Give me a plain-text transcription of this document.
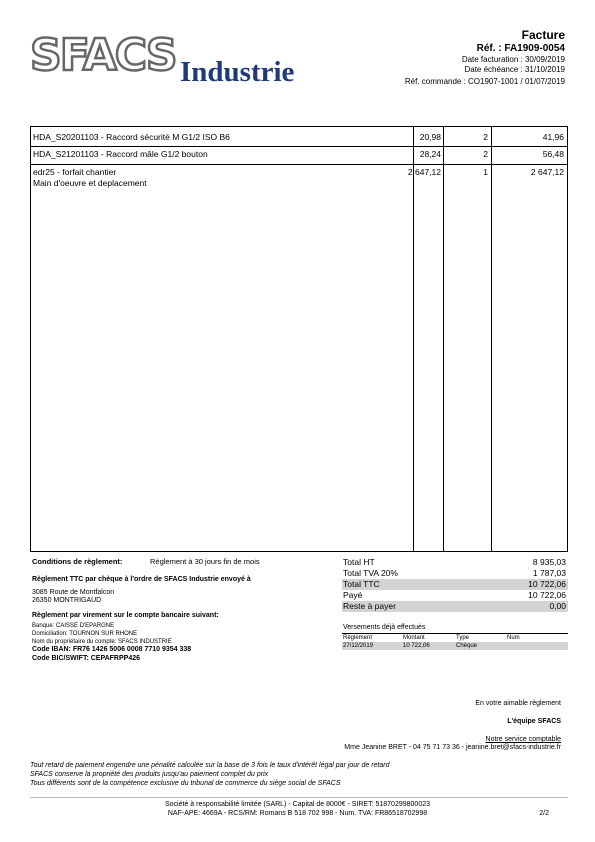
SFACS Industrie
Facture
Réf. : FA1909-0054
Date facturation : 30/09/2019
Date échéance : 31/10/2019
Réf. commande : CO1907-1001 / 01/07/2019
HDA_S20201103 - Raccord sécurité M G1/2 ISO B6	20,98	2	41,96
HDA_S21201103 - Raccord mâle G1/2 bouton	28,24	2	56,48
edr25 - forfait chantier
Main d'oeuvre et deplacement
2 647,12	1	2 647,12
Conditions de règlement:	Règlement à 30 jours fin de mois
Règlement TTC par chèque à l'ordre de SFACS Industrie envoyé à
3085 Route de Montfalcon
26350 MONTRIGAUD
Règlement par virement sur le compte bancaire suivant:
Banque: CAISSE D'EPARGNE
Domiciliation: TOURNON SUR RHONE
Nom du propriétaire du compte: SFACS INDUSTRIE
Code IBAN: FR76 1426 5006 0008 7710 9354 338
Code BIC/SWIFT: CEPAFRPP426
Total HT	8 935,03
Total TVA 20%	1 787,03
Total TTC	10 722,06
Payé	10 722,06
Reste à payer	0,00
Versements déjà effectués
Règlement	Montant	Type	Num
27/12/2019	10 722,06	Chèque
En votre aimable règlement
L'équipe SFACS
Notre service comptable
Mme Jeanine BRET - 04 75 71 73 36 - jeanine.bret@sfacs-industrie.fr
Tout retard de paiement engendre une pénalité calculée sur la base de 3 fois le taux d'intérêt légal par jour de retard
SFACS conserve la propriété des produits jusqu'au paiement complet du prix
Tous différents sont de la compétence exclusive du tribunal de commerce du siège social de SFACS
Société à responsabilité limitée (SARL) - Capital de 8000€ - SIRET: 51870299800023
NAF-APE: 4669A - RCS/RM: Romans B 518 702 998 - Num. TVA: FR86518702998	2/2
